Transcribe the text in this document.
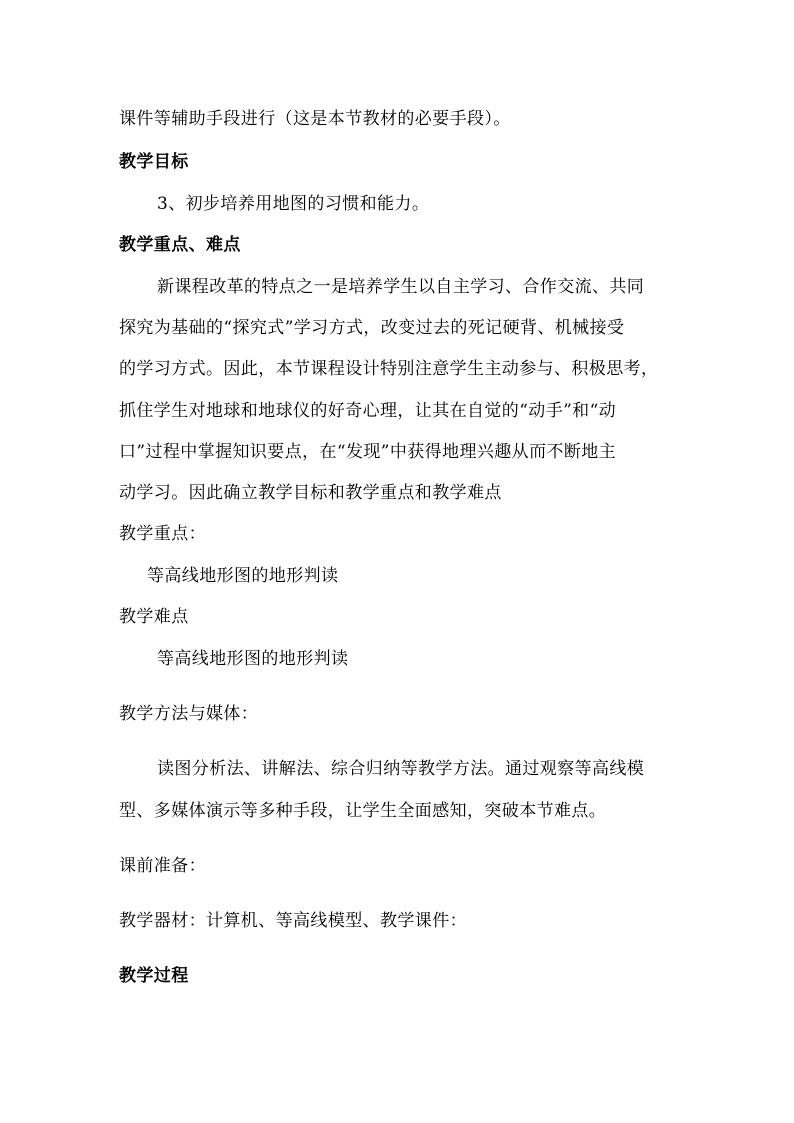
课件等辅助手段进行（这是本节教材的必要手段）。
教学目标
3、初步培养用地图的习惯和能力。
教学重点、难点
新课程改革的特点之一是培养学生以自主学习、合作交流、共同
探究为基础的“探究式”学习方式，改变过去的死记硬背、机械接受
的学习方式。因此，本节课程设计特别注意学生主动参与、积极思考，
抓住学生对地球和地球仪的好奇心理，让其在自觉的“动手”和“动
口”过程中掌握知识要点，在“发现”中获得地理兴趣从而不断地主
动学习。因此确立教学目标和教学重点和教学难点
教学重点：
等高线地形图的地形判读
教学难点
等高线地形图的地形判读
教学方法与媒体：
读图分析法、讲解法、综合归纳等教学方法。通过观察等高线模
型、多媒体演示等多种手段，让学生全面感知，突破本节难点。
课前准备：
教学器材：计算机、等高线模型、教学课件：
教学过程
